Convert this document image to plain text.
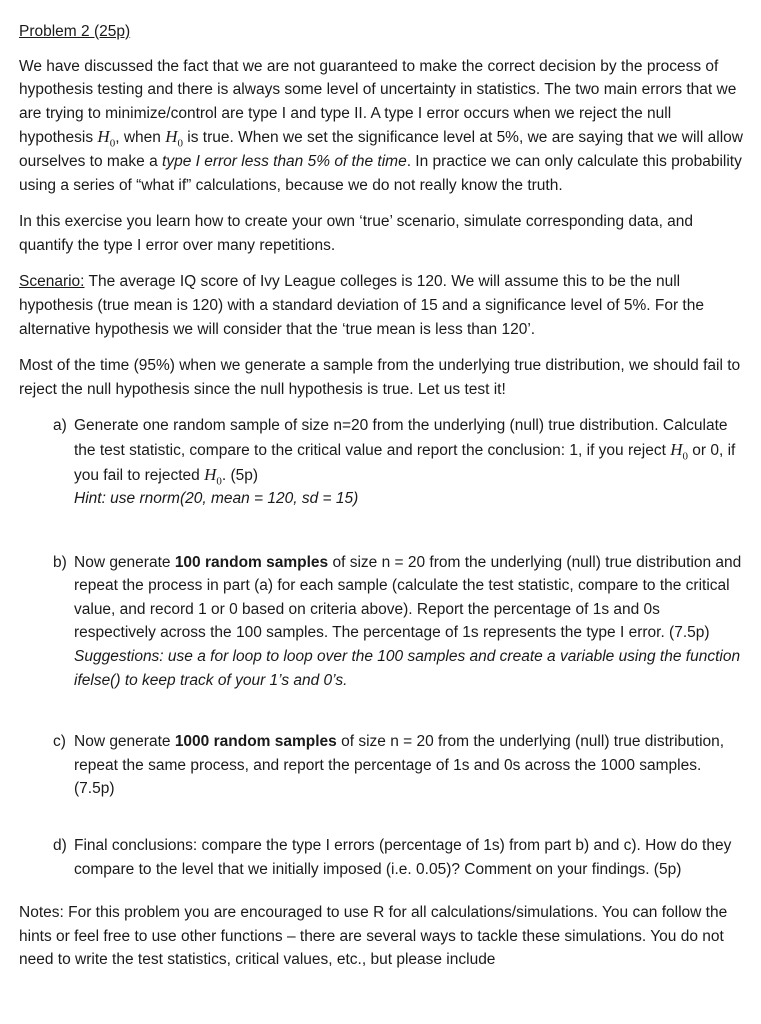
Problem 2 (25p)

We have discussed the fact that we are not guaranteed to make the correct decision by the process of hypothesis testing and there is always some level of uncertainty in statistics. The two main errors that we are trying to minimize/control are type I and type II. A type I error occurs when we reject the null hypothesis $H_0$, when $H_0$ is true. When we set the significance level at 5%, we are saying that we will allow ourselves to make a type I error less than 5% of the time. In practice we can only calculate this probability using a series of “what if” calculations, because we do not really know the truth.

In this exercise you learn how to create your own ‘true’ scenario, simulate corresponding data, and quantify the type I error over many repetitions.

Scenario: The average IQ score of Ivy League colleges is 120. We will assume this to be the null hypothesis (true mean is 120) with a standard deviation of 15 and a significance level of 5%. For the alternative hypothesis we will consider that the ‘true mean is less than 120’.

Most of the time (95%) when we generate a sample from the underlying true distribution, we should fail to reject the null hypothesis since the null hypothesis is true. Let us test it!

a) Generate one random sample of size n=20 from the underlying (null) true distribution. Calculate the test statistic, compare to the critical value and report the conclusion: 1, if you reject $H_0$ or 0, if you fail to rejected $H_0$. (5p)
Hint: use rnorm(20, mean = 120, sd = 15)
b) Now generate 100 random samples of size n = 20 from the underlying (null) true distribution and repeat the process in part (a) for each sample (calculate the test statistic, compare to the critical value, and record 1 or 0 based on criteria above). Report the percentage of 1s and 0s respectively across the 100 samples. The percentage of 1s represents the type I error. (7.5p)
Suggestions: use a for loop to loop over the 100 samples and create a variable using the function ifelse() to keep track of your 1’s and 0’s.
c) Now generate 1000 random samples of size n = 20 from the underlying (null) true distribution, repeat the same process, and report the percentage of 1s and 0s across the 1000 samples. (7.5p)
d) Final conclusions: compare the type I errors (percentage of 1s) from part b) and c). How do they compare to the level that we initially imposed (i.e. 0.05)? Comment on your findings. (5p)

Notes: For this problem you are encouraged to use R for all calculations/simulations. You can follow the hints or feel free to use other functions – there are several ways to tackle these simulations. You do not need to write the test statistics, critical values, etc., but please include
